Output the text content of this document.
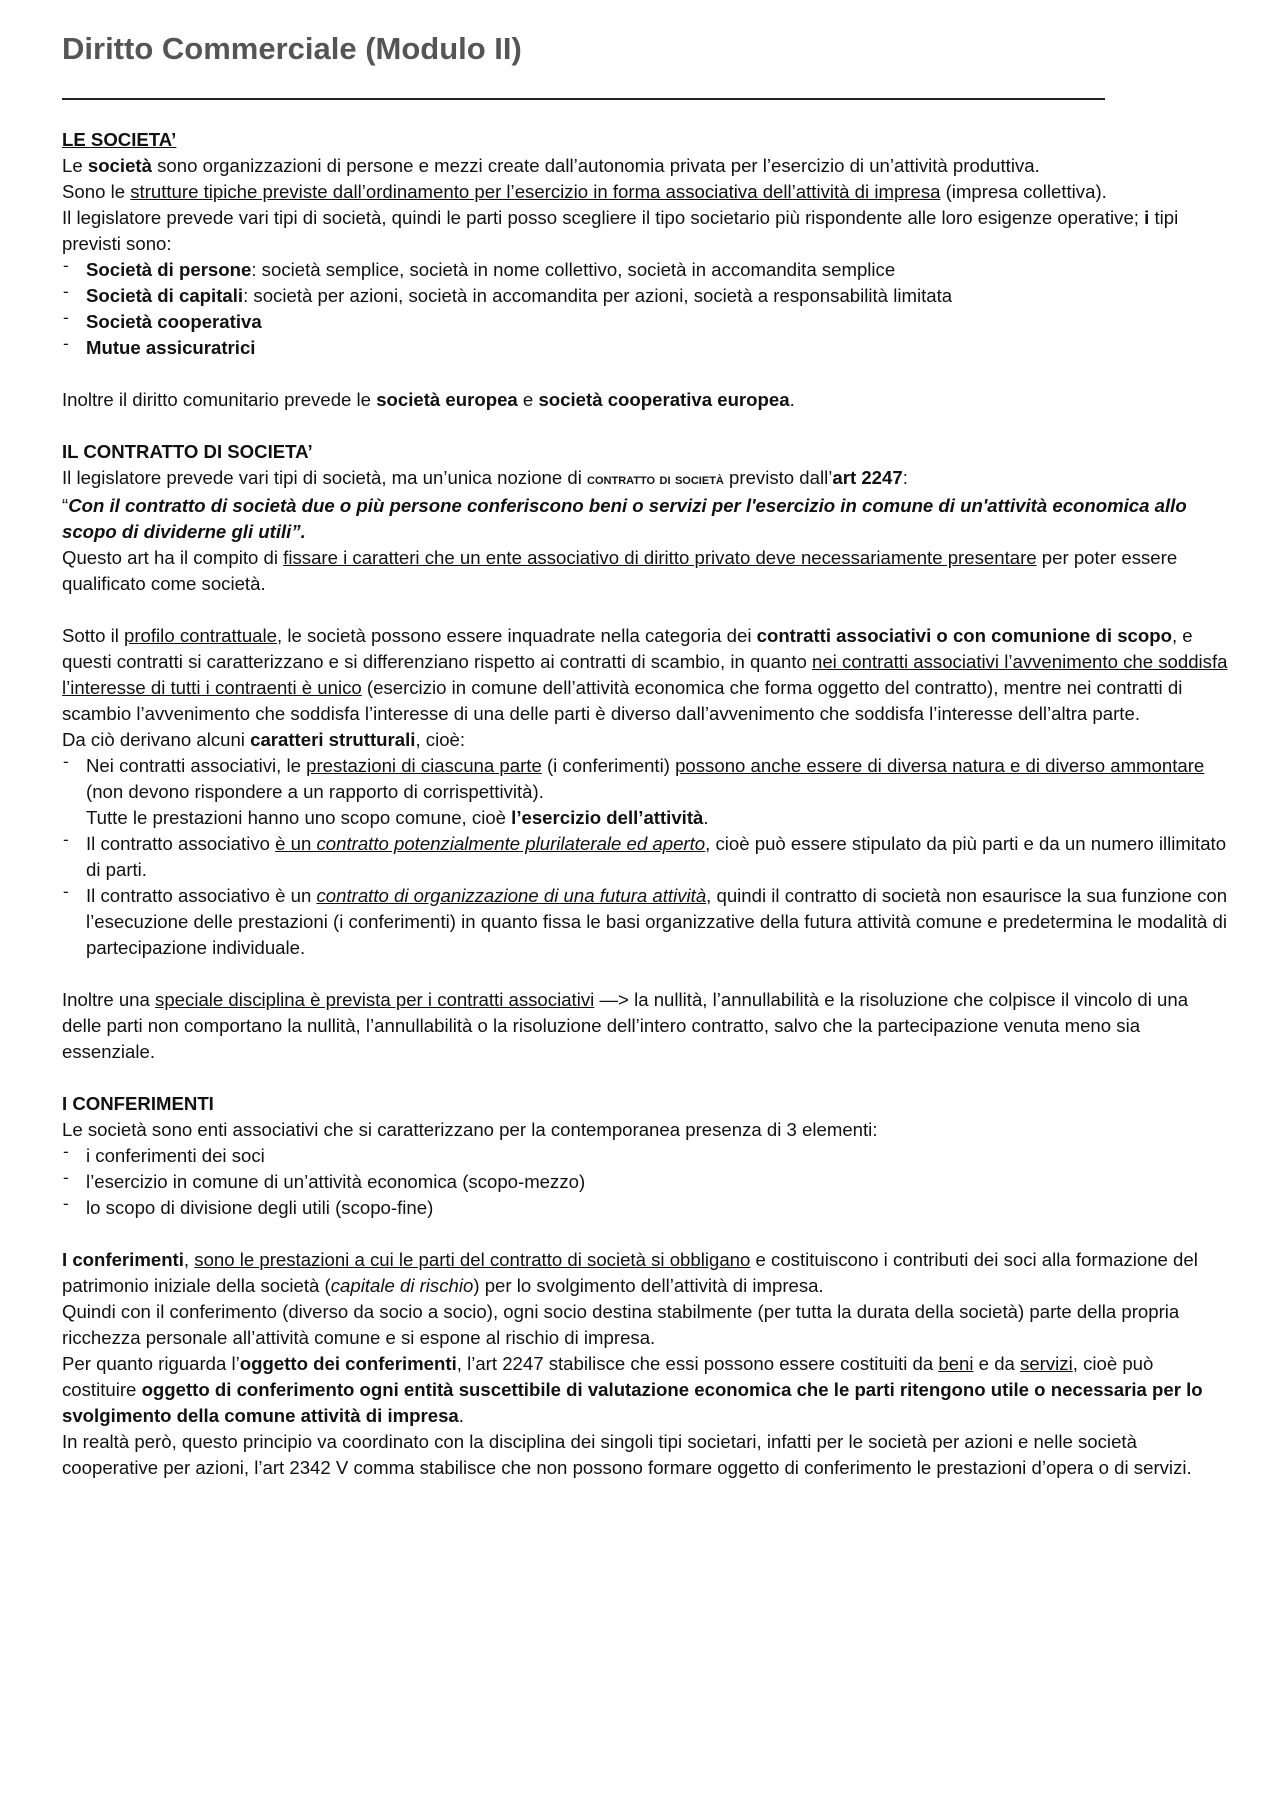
Diritto Commerciale (Modulo II)

LE SOCIETA’

Le società sono organizzazioni di persone e mezzi create dall’autonomia privata per l’esercizio di un’attività produttiva.

Sono le strutture tipiche previste dall’ordinamento per l’esercizio in forma associativa dell’attività di impresa (impresa collettiva).

Il legislatore prevede vari tipi di società, quindi le parti posso scegliere il tipo societario più rispondente alle loro esigenze operative; i tipi previsti sono:

- Società di persone: società semplice, società in nome collettivo, società in accomandita semplice
- Società di capitali: società per azioni, società in accomandita per azioni, società a responsabilità limitata
- Società cooperativa
- Mutue assicuratrici

Inoltre il diritto comunitario prevede le società europea e società cooperativa europea.

IL CONTRATTO DI SOCIETA’

Il legislatore prevede vari tipi di società, ma un’unica nozione di contratto di società previsto dall’art 2247:

“Con il contratto di società due o più persone conferiscono beni o servizi per l'esercizio in comune di un'attività economica allo scopo di dividerne gli utili”.

Questo art ha il compito di fissare i caratteri che un ente associativo di diritto privato deve necessariamente presentare per poter essere qualificato come società.

Sotto il profilo contrattuale, le società possono essere inquadrate nella categoria dei contratti associativi o con comunione di scopo, e questi contratti si caratterizzano e si differenziano rispetto ai contratti di scambio, in quanto nei contratti associativi l’avvenimento che soddisfa l’interesse di tutti i contraenti è unico (esercizio in comune dell’attività economica che forma oggetto del contratto), mentre nei contratti di scambio l’avvenimento che soddisfa l’interesse di una delle parti è diverso dall’avvenimento che soddisfa l’interesse dell’altra parte.

Da ciò derivano alcuni caratteri strutturali, cioè:

- Nei contratti associativi, le prestazioni di ciascuna parte (i conferimenti) possono anche essere di diversa natura e di diverso ammontare (non devono rispondere a un rapporto di corrispettività).
Tutte le prestazioni hanno uno scopo comune, cioè l’esercizio dell’attività.
- Il contratto associativo è un contratto potenzialmente plurilaterale ed aperto, cioè può essere stipulato da più parti e da un numero illimitato di parti.
- Il contratto associativo è un contratto di organizzazione di una futura attività, quindi il contratto di società non esaurisce la sua funzione con l’esecuzione delle prestazioni (i conferimenti) in quanto fissa le basi organizzative della futura attività comune e predetermina le modalità di partecipazione individuale.

Inoltre una speciale disciplina è prevista per i contratti associativi —> la nullità, l’annullabilità e la risoluzione che colpisce il vincolo di una delle parti non comportano la nullità, l’annullabilità o la risoluzione dell’intero contratto, salvo che la partecipazione venuta meno sia essenziale.

I CONFERIMENTI

Le società sono enti associativi che si caratterizzano per la contemporanea presenza di 3 elementi:

- i conferimenti dei soci
- l’esercizio in comune di un’attività economica (scopo-mezzo)
- lo scopo di divisione degli utili (scopo-fine)

I conferimenti, sono le prestazioni a cui le parti del contratto di società si obbligano e costituiscono i contributi dei soci alla formazione del patrimonio iniziale della società (capitale di rischio) per lo svolgimento dell’attività di impresa.

Quindi con il conferimento (diverso da socio a socio), ogni socio destina stabilmente (per tutta la durata della società) parte della propria ricchezza personale all’attività comune e si espone al rischio di impresa.

Per quanto riguarda l’oggetto dei conferimenti, l’art 2247 stabilisce che essi possono essere costituiti da beni e da servizi, cioè può costituire oggetto di conferimento ogni entità suscettibile di valutazione economica che le parti ritengono utile o necessaria per lo svolgimento della comune attività di impresa.

In realtà però, questo principio va coordinato con la disciplina dei singoli tipi societari, infatti per le società per azioni e nelle società cooperative per azioni, l’art 2342 V comma stabilisce che non possono formare oggetto di conferimento le prestazioni d’opera o di servizi.
